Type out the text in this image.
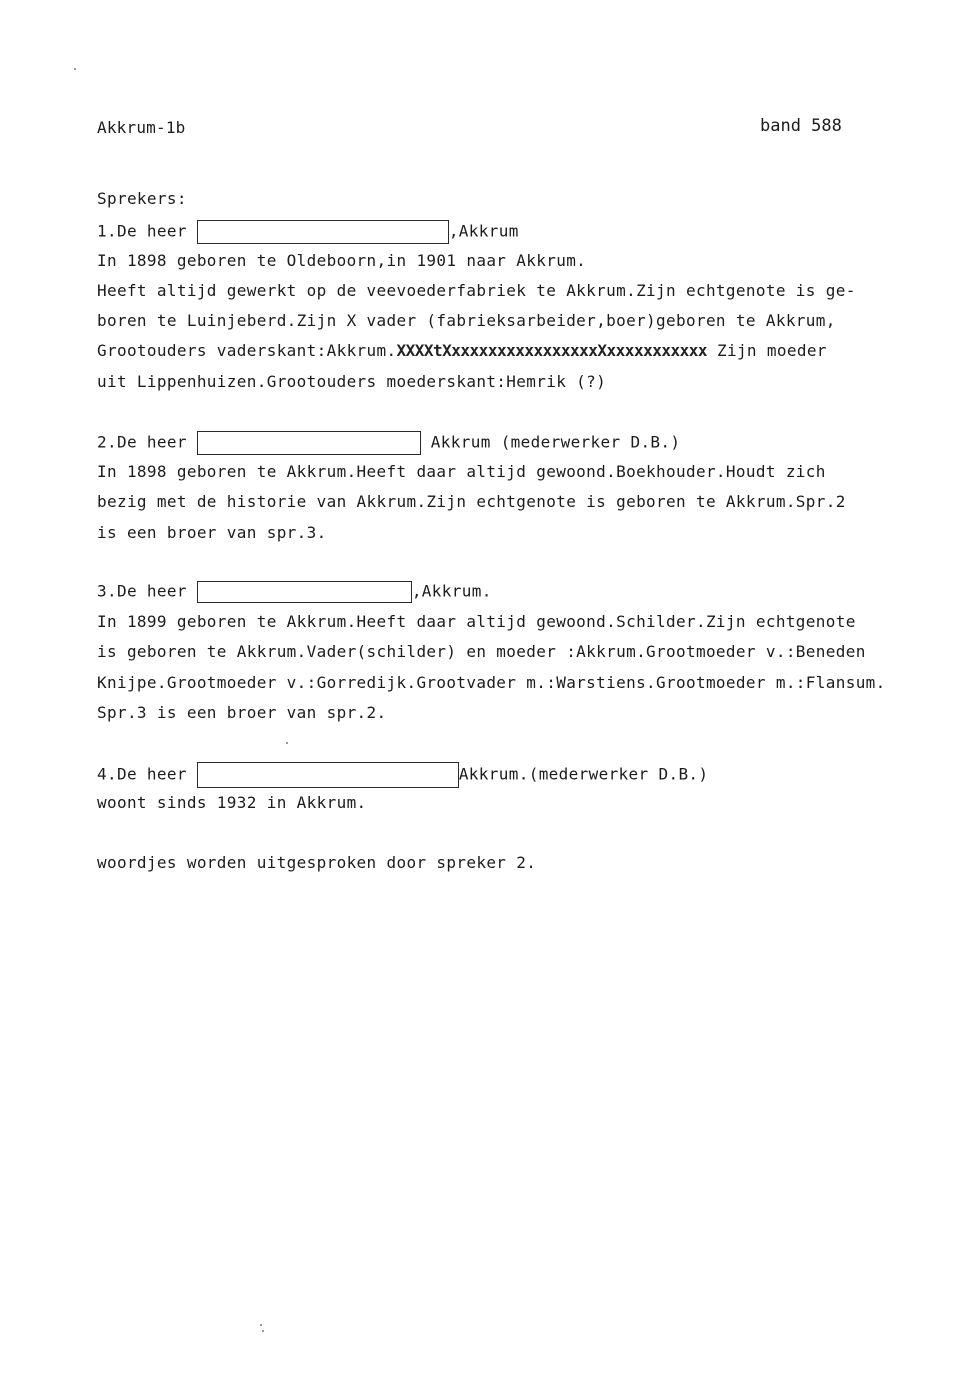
Akkrum-1b	band 588
Sprekers:
1.De heer	,Akkrum
In 1898 geboren te Oldeboorn,in 1901 naar Akkrum.
Heeft altijd gewerkt op de veevoederfabriek te Akkrum.Zijn echtgenote is ge-
boren te Luinjeberd.Zijn X vader (fabrieksarbeider,boer)geboren te Akkrum,
Grootouders vaderskant:Akkrum.XXXXtXxxxxxxxxxxxxxxxxXxxxxxxxxxxx Zijn moeder
uit Lippenhuizen.Grootouders moederskant:Hemrik (?)
2.De heer	Akkrum (mederwerker D.B.)
In 1898 geboren te Akkrum.Heeft daar altijd gewoond.Boekhouder.Houdt zich
bezig met de historie van Akkrum.Zijn echtgenote is geboren te Akkrum.Spr.2
is een broer van spr.3.
3.De heer	,Akkrum.
In 1899 geboren te Akkrum.Heeft daar altijd gewoond.Schilder.Zijn echtgenote
is geboren te Akkrum.Vader(schilder) en moeder :Akkrum.Grootmoeder v.:Beneden
Knijpe.Grootmoeder v.:Gorredijk.Grootvader m.:Warstiens.Grootmoeder m.:Flansum.
Spr.3 is een broer van spr.2.
4.De heer	Akkrum.(mederwerker D.B.)
woont sinds 1932 in Akkrum.
woordjes worden uitgesproken door spreker 2.
